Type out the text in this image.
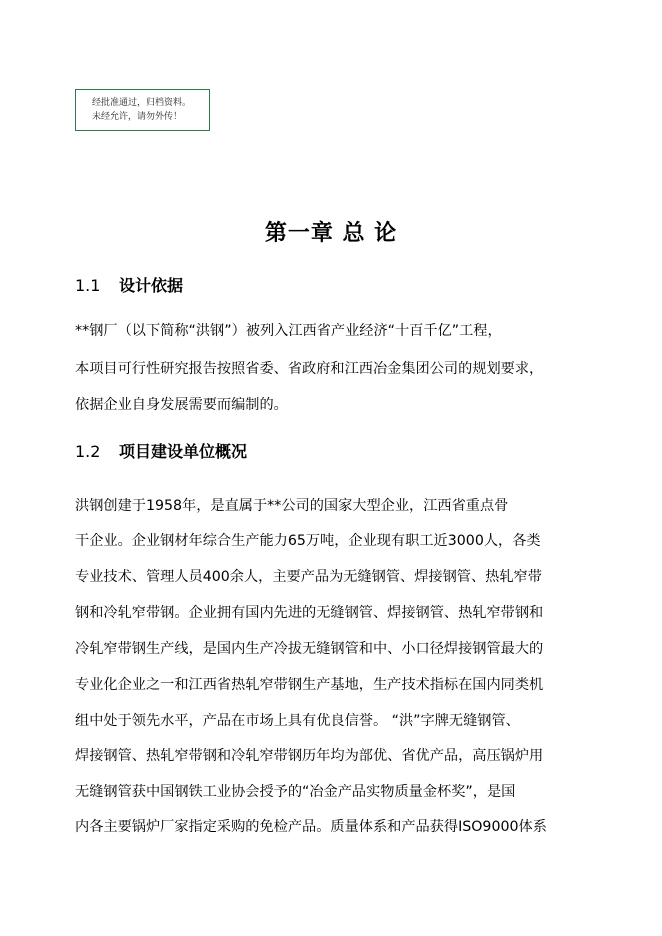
经批准通过，归档资料。
未经允许，请勿外传！
第一章 总 论
1.1 设计依据
**钢厂（以下简称“洪钢”）被列入江西省产业经济“十百千亿”工程，
本项目可行性研究报告按照省委、省政府和江西冶金集团公司的规划要求，
依据企业自身发展需要而编制的。
1.2 项目建设单位概况
洪钢创建于1958年，是直属于**公司的国家大型企业，江西省重点骨
干企业。企业钢材年综合生产能力65万吨，企业现有职工近3000人，各类
专业技术、管理人员400余人，主要产品为无缝钢管、焊接钢管、热轧窄带
钢和冷轧窄带钢。企业拥有国内先进的无缝钢管、焊接钢管、热轧窄带钢和
冷轧窄带钢生产线，是国内生产冷拔无缝钢管和中、小口径焊接钢管最大的
专业化企业之一和江西省热轧窄带钢生产基地，生产技术指标在国内同类机
组中处于领先水平，产品在市场上具有优良信誉。 “洪”字牌无缝钢管、
焊接钢管、热轧窄带钢和冷轧窄带钢历年均为部优、省优产品，高压锅炉用
无缝钢管获中国钢铁工业协会授予的“冶金产品实物质量金杯奖”，是国
内各主要锅炉厂家指定采购的免检产品。质量体系和产品获得ISO9000体系
